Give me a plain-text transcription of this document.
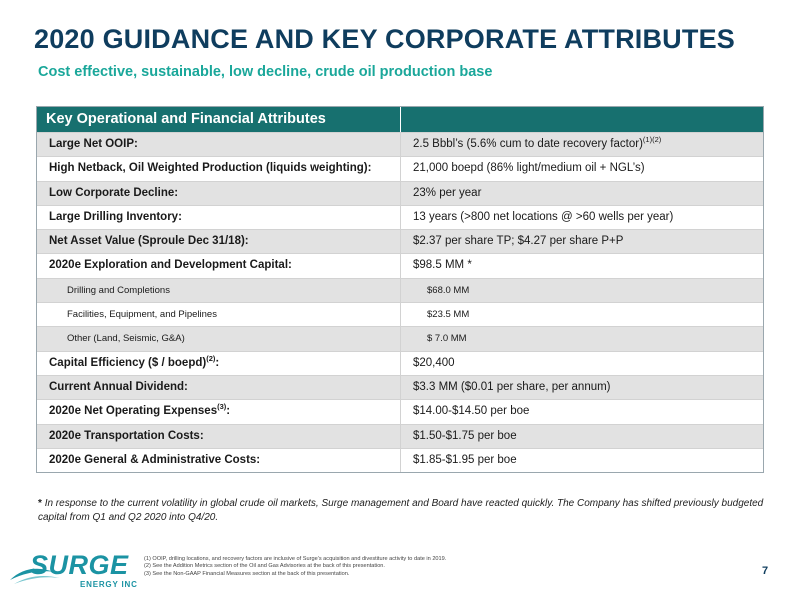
2020 GUIDANCE AND KEY CORPORATE ATTRIBUTES
Cost effective, sustainable, low decline, crude oil production base
Key Operational and Financial Attributes
Large Net OOIP:	2.5 Bbbl’s (5.6% cum to date recovery factor)$^{(1)(2)}$
High Netback, Oil Weighted Production (liquids weighting):	21,000 boepd (86% light/medium oil + NGL’s)
Low Corporate Decline:	23% per year
Large Drilling Inventory:	13 years (>800 net locations @ >60 wells per year)
Net Asset Value (Sproule Dec 31/18):	$2.37 per share TP; $4.27 per share P+P
2020e Exploration and Development Capital:	$98.5 MM *
Drilling and Completions	$68.0 MM
Facilities, Equipment, and Pipelines	$23.5 MM
Other (Land, Seismic, G&A)	$ 7.0 MM
Capital Efficiency ($ / boepd)$^{(2)}$:	$20,400
Current Annual Dividend:	$3.3 MM ($0.01 per share, per annum)
2020e Net Operating Expenses$^{(3)}$:	$14.00-$14.50 per boe
2020e Transportation Costs:	$1.50-$1.75 per boe
2020e General & Administrative Costs:	$1.85-$1.95 per boe
* In response to the current volatility in global crude oil markets, Surge management and Board have reacted quickly. The Company has shifted previously budgeted capital from Q1 and Q2 2020 into Q4/20.
SURGE
ENERGY INC
(1) OOIP, drilling locations, and recovery factors are inclusive of Surge’s acquisition and divestiture activity to date in 2019.
(2) See the Addition Metrics section of the Oil and Gas Advisories at the back of this presentation.
(3) See the Non-GAAP Financial Measures section at the back of this presentation.	7
